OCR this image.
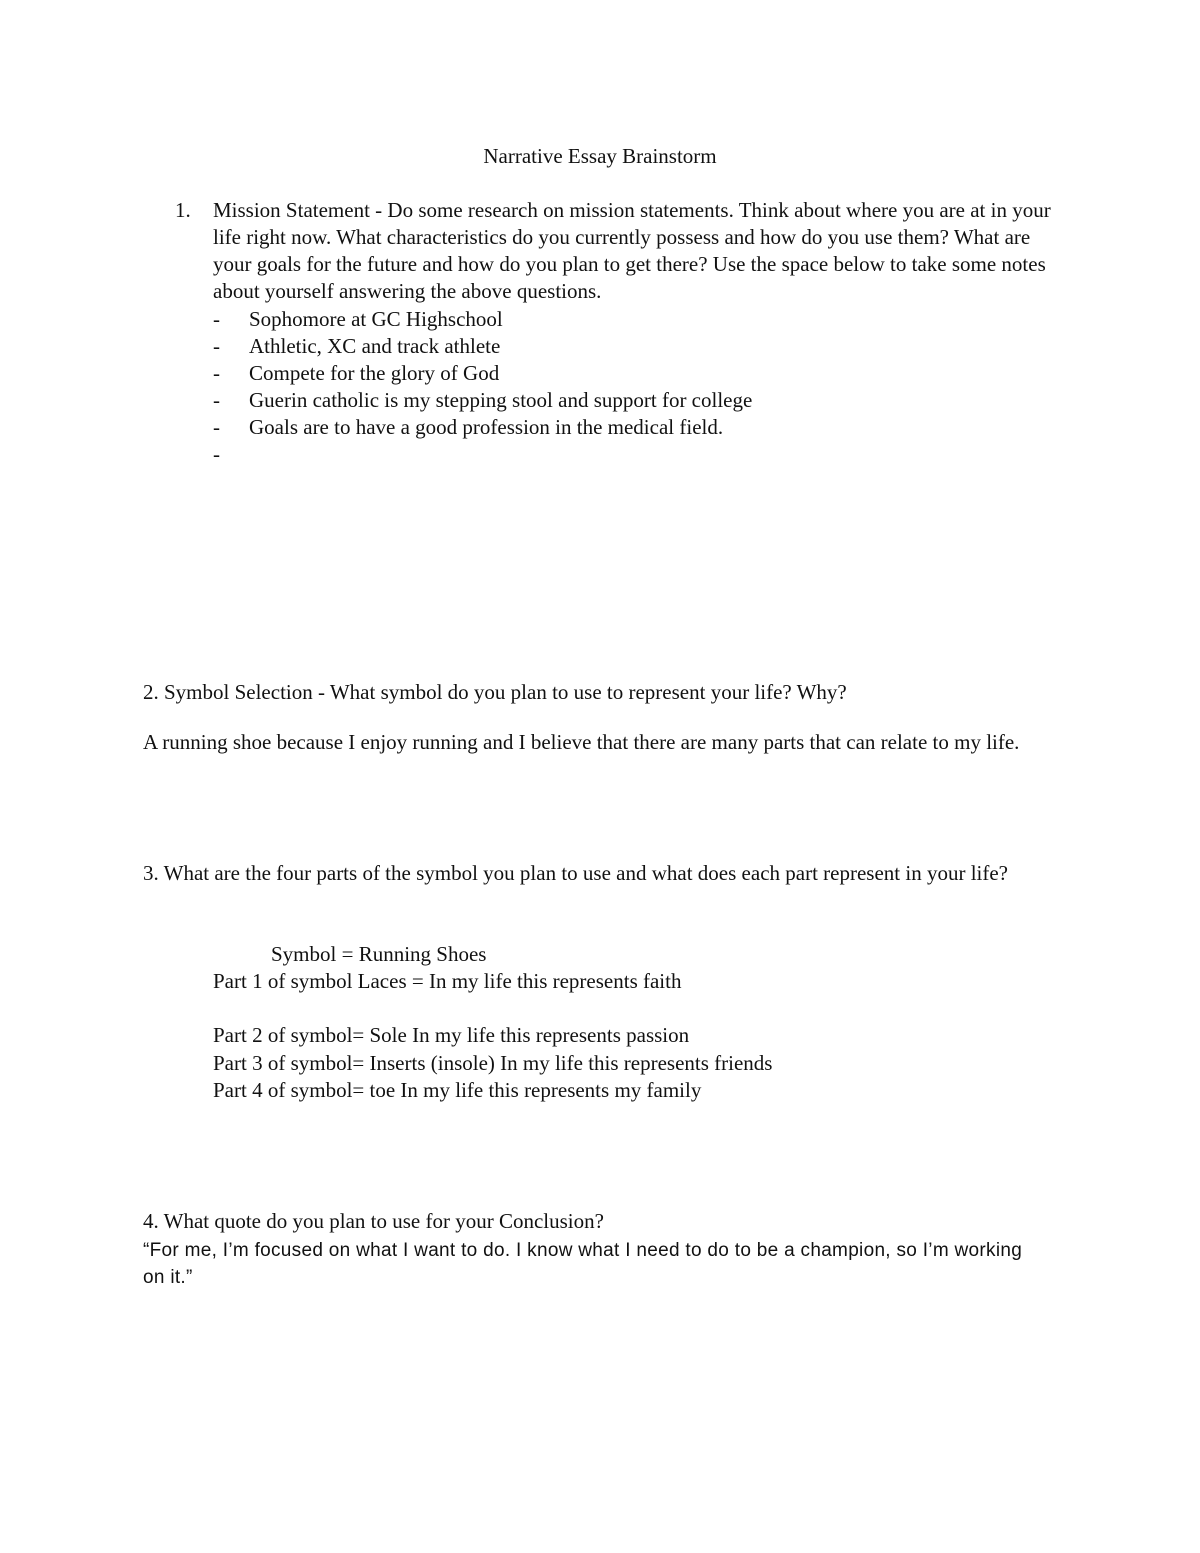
Narrative Essay Brainstorm
1. Mission Statement - Do some research on mission statements. Think about where you are at in your life right now. What characteristics do you currently possess and how do you use them? What are your goals for the future and how do you plan to get there? Use the space below to take some notes about yourself answering the above questions.
- Sophomore at GC Highschool
- Athletic, XC and track athlete
- Compete for the glory of God
- Guerin catholic is my stepping stool and support for college
- Goals are to have a good profession in the medical field.
-
2. Symbol Selection - What symbol do you plan to use to represent your life? Why?
A running shoe because I enjoy running and I believe that there are many parts that can relate to my life.
3. What are the four parts of the symbol you plan to use and what does each part represent in your life?
Symbol = Running Shoes
Part 1 of symbol Laces = In my life this represents faith
Part 2 of symbol= Sole In my life this represents passion
Part 3 of symbol= Inserts (insole) In my life this represents friends
Part 4 of symbol= toe In my life this represents my family
4. What quote do you plan to use for your Conclusion?
“For me, I’m focused on what I want to do. I know what I need to do to be a champion, so I’m working on it.”
